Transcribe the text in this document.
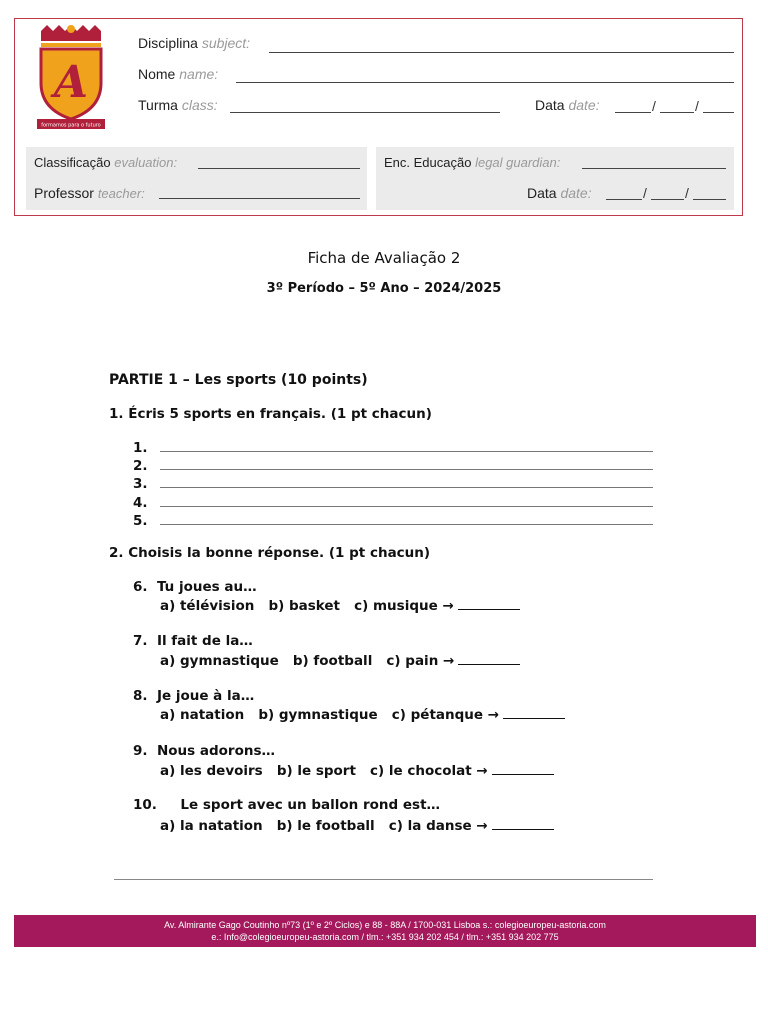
A
formamos para o futuro
Disciplina subject:
Nome name:
Turma class:	Data date:	/	/
Classificação evaluation:
Professor teacher:
Enc. Educação legal guardian:
Data date:	/	/
Ficha de Avaliação 2
3º Período – 5º Ano – 2024/2025
PARTIE 1 – Les sports (10 points)
1. Écris 5 sports en français. (1 pt chacun)
1.
2.
3.
4.
5.
2. Choisis la bonne réponse. (1 pt chacun)
6. Tu joues au…
a) télévision   b) basket   c) musique →
7. Il fait de la…
a) gymnastique   b) football   c) pain →
8. Je joue à la…
a) natation   b) gymnastique   c) pétanque →
9. Nous adorons…
a) les devoirs   b) le sport   c) le chocolat →
10. Le sport avec un ballon rond est…
a) la natation   b) le football   c) la danse →
Av. Almirante Gago Coutinho nº73 (1º e 2º Ciclos) e 88 - 88A / 1700-031 Lisboa s.: colegioeuropeu-astoria.com
e.: Info@colegioeuropeu-astoria.com / tlm.: +351 934 202 454 / tlm.: +351 934 202 775
